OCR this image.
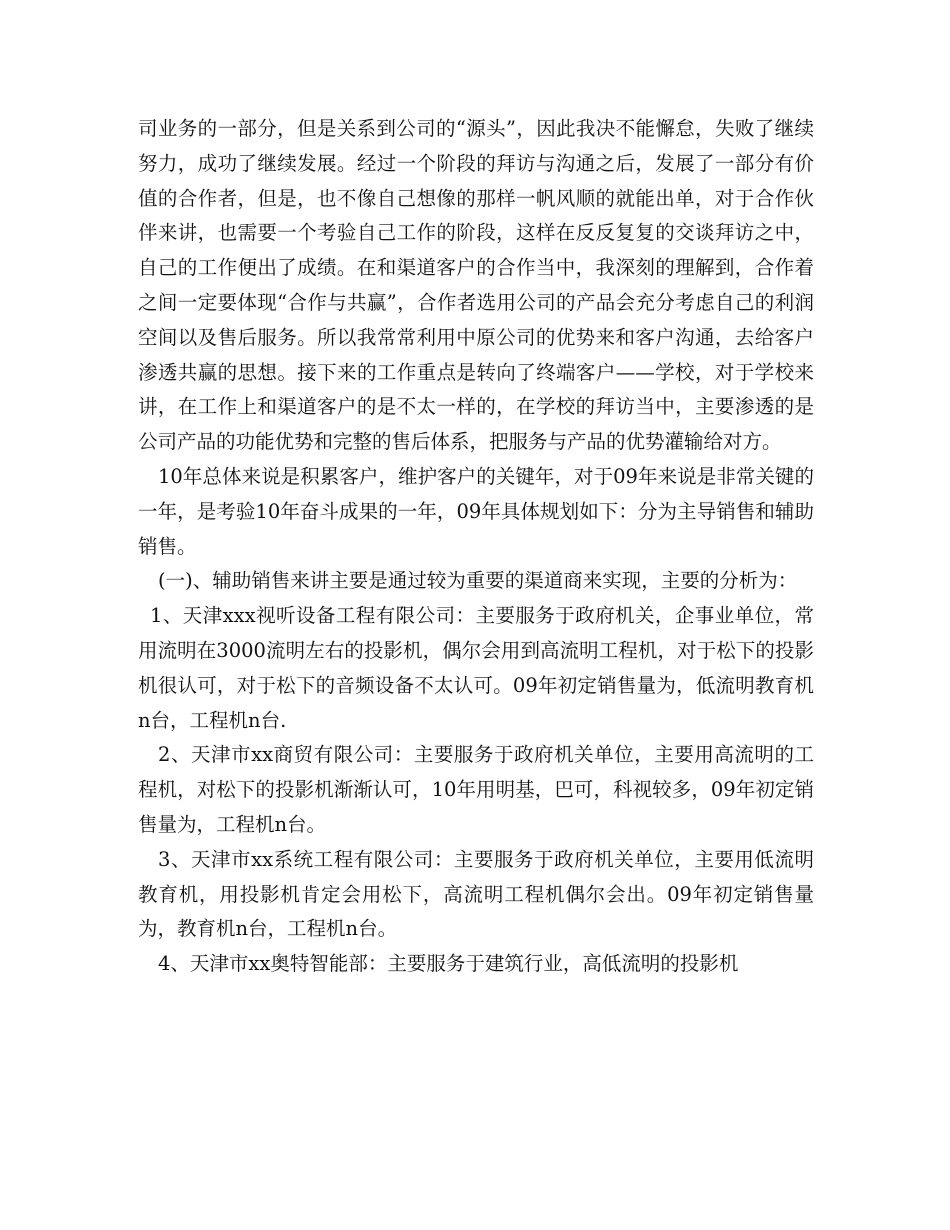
司业务的一部分，但是关系到公司的“源头”，因此我决不能懈怠，失败了继续努力，成功了继续发展。经过一个阶段的拜访与沟通之后，发展了一部分有价值的合作者，但是，也不像自己想像的那样一帆风顺的就能出单，对于合作伙伴来讲，也需要一个考验自己工作的阶段，这样在反反复复的交谈拜访之中，自己的工作便出了成绩。在和渠道客户的合作当中，我深刻的理解到，合作着之间一定要体现“合作与共赢”，合作者选用公司的产品会充分考虑自己的利润空间以及售后服务。所以我常常利用中原公司的优势来和客户沟通，去给客户渗透共赢的思想。接下来的工作重点是转向了终端客户——学校，对于学校来讲，在工作上和渠道客户的是不太一样的，在学校的拜访当中，主要渗透的是公司产品的功能优势和完整的售后体系，把服务与产品的优势灌输给对方。

10年总体来说是积累客户，维护客户的关键年，对于09年来说是非常关键的一年，是考验10年奋斗成果的一年，09年具体规划如下：分为主导销售和辅助销售。

(一)、辅助销售来讲主要是通过较为重要的渠道商来实现，主要的分析为：

1、天津xxx视听设备工程有限公司：主要服务于政府机关，企事业单位，常用流明在3000流明左右的投影机，偶尔会用到高流明工程机，对于松下的投影机很认可，对于松下的音频设备不太认可。09年初定销售量为，低流明教育机n台，工程机n台.

2、天津市xx商贸有限公司：主要服务于政府机关单位，主要用高流明的工程机，对松下的投影机渐渐认可，10年用明基，巴可，科视较多，09年初定销售量为，工程机n台。

3、天津市xx系统工程有限公司：主要服务于政府机关单位，主要用低流明教育机，用投影机肯定会用松下，高流明工程机偶尔会出。09年初定销售量为，教育机n台，工程机n台。

4、天津市xx奥特智能部：主要服务于建筑行业，高低流明的投影机
